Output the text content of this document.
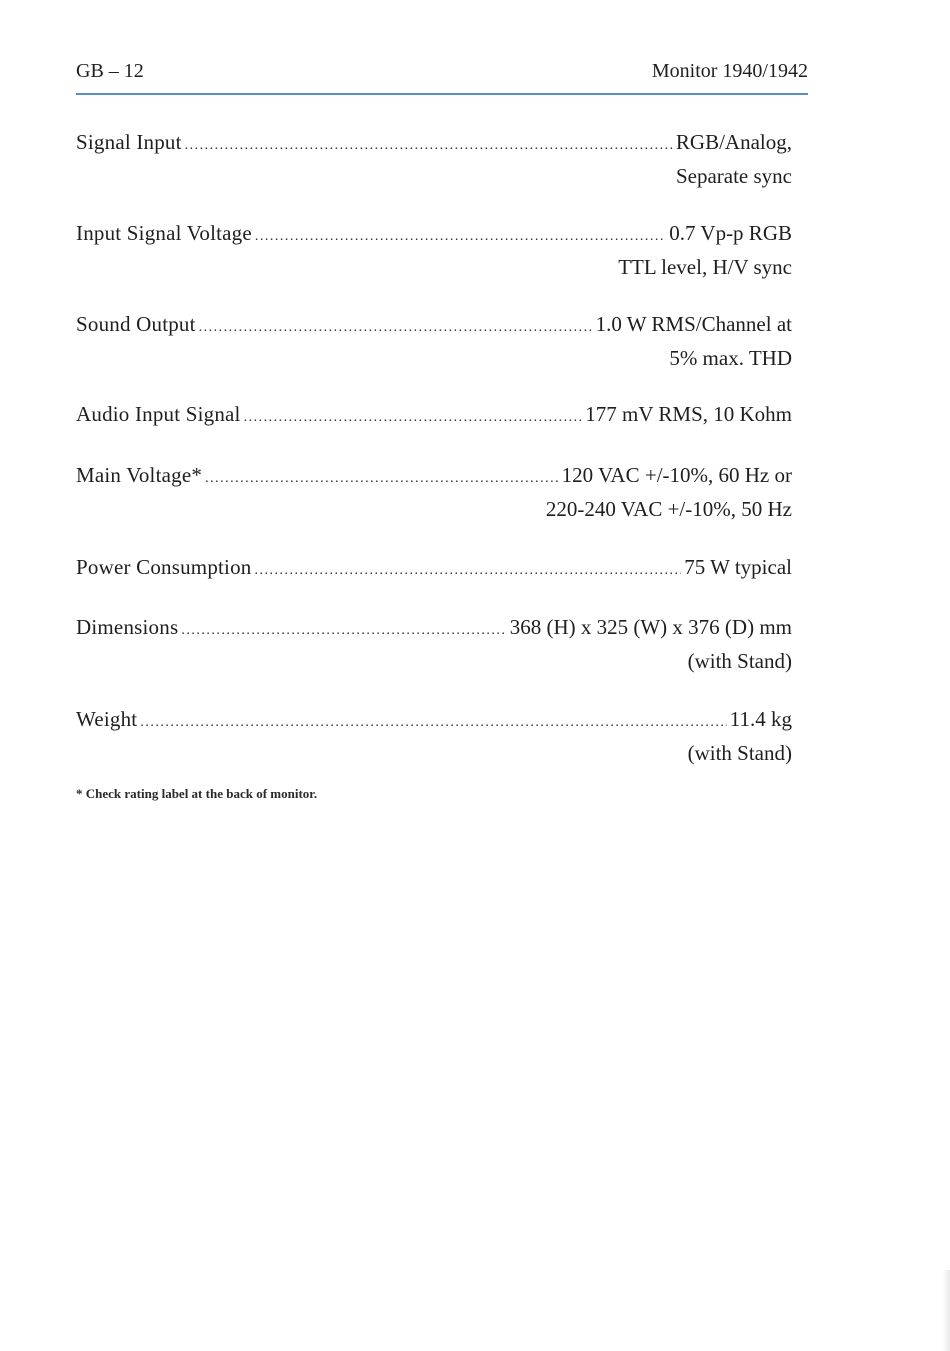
GB – 12	Monitor 1940/1942
Signal Input .....	RGB/Analog,
Separate sync
Input Signal Voltage .....	0.7 Vp-p RGB
TTL level, H/V sync
Sound Output .....	1.0 W RMS/Channel at
5% max. THD
Audio Input Signal .....	177 mV RMS, 10 Kohm
Main Voltage* .....	120 VAC +/-10%, 60 Hz or
220-240 VAC +/-10%, 50 Hz
Power Consumption .....	75 W typical
Dimensions .....	368 (H) x 325 (W) x 376 (D) mm
(with Stand)
Weight .....	11.4 kg
(with Stand)
* Check rating label at the back of monitor.
